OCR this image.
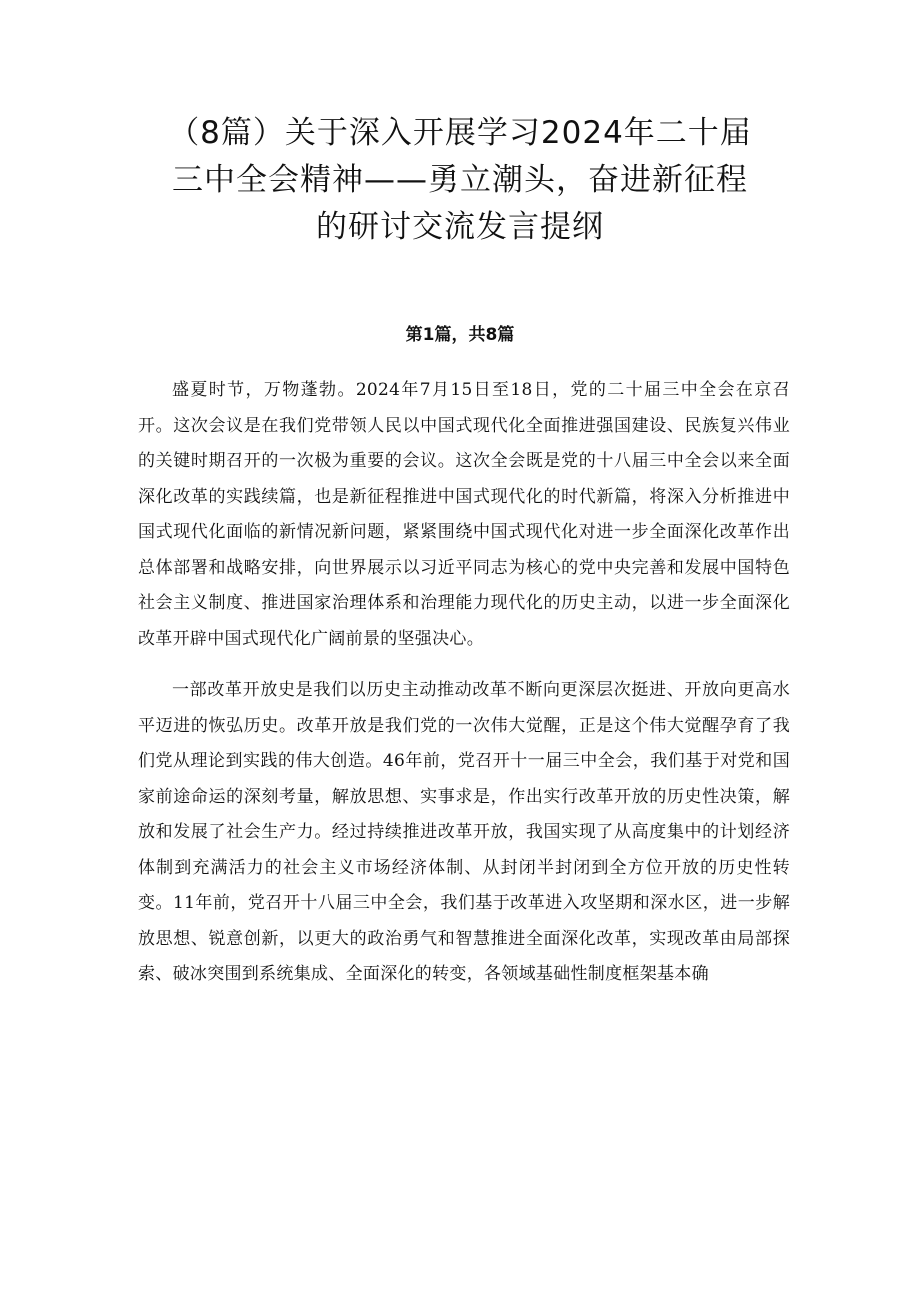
（8篇）关于深入开展学习2024年二十届
三中全会精神——勇立潮头，奋进新征程
的研讨交流发言提纲
第1篇，共8篇

盛夏时节，万物蓬勃。2024年7月15日至18日，党的二十届三中全会在京召开。这次会议是在我们党带领人民以中国式现代化全面推进强国建设、民族复兴伟业的关键时期召开的一次极为重要的会议。这次全会既是党的十八届三中全会以来全面深化改革的实践续篇，也是新征程推进中国式现代化的时代新篇，将深入分析推进中国式现代化面临的新情况新问题，紧紧围绕中国式现代化对进一步全面深化改革作出总体部署和战略安排，向世界展示以习近平同志为核心的党中央完善和发展中国特色社会主义制度、推进国家治理体系和治理能力现代化的历史主动，以进一步全面深化改革开辟中国式现代化广阔前景的坚强决心。

一部改革开放史是我们以历史主动推动改革不断向更深层次挺进、开放向更高水平迈进的恢弘历史。改革开放是我们党的一次伟大觉醒，正是这个伟大觉醒孕育了我们党从理论到实践的伟大创造。46年前，党召开十一届三中全会，我们基于对党和国家前途命运的深刻考量，解放思想、实事求是，作出实行改革开放的历史性决策，解放和发展了社会生产力。经过持续推进改革开放，我国实现了从高度集中的计划经济体制到充满活力的社会主义市场经济体制、从封闭半封闭到全方位开放的历史性转变。11年前，党召开十八届三中全会，我们基于改革进入攻坚期和深水区，进一步解放思想、锐意创新，以更大的政治勇气和智慧推进全面深化改革，实现改革由局部探索、破冰突围到系统集成、全面深化的转变，各领域基础性制度框架基本确
